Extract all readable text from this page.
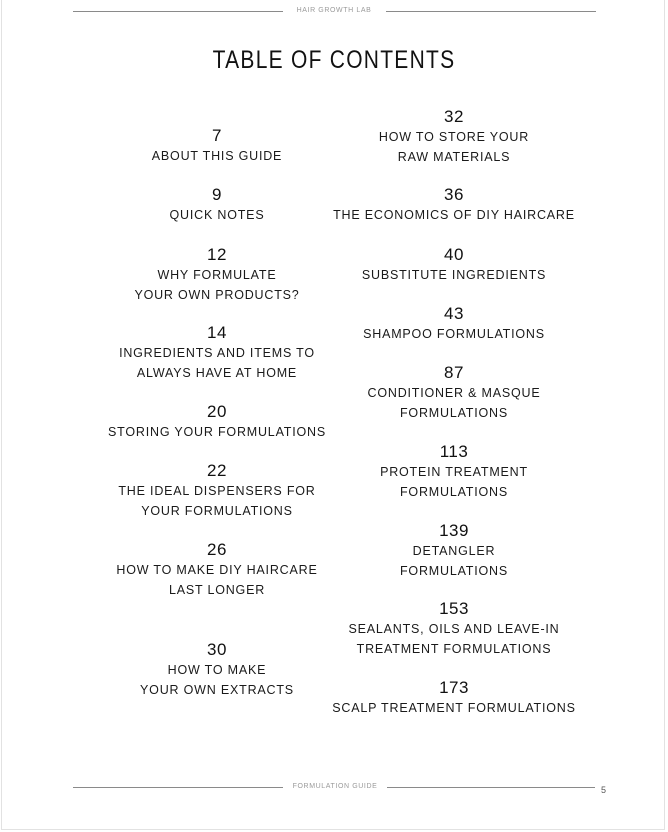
HAIR GROWTH LAB
TABLE OF CONTENTS
7
ABOUT THIS GUIDE
9
QUICK NOTES
12
WHY FORMULATE
YOUR OWN PRODUCTS?
14
INGREDIENTS AND ITEMS TO
ALWAYS HAVE AT HOME
20
STORING YOUR FORMULATIONS
22
THE IDEAL DISPENSERS FOR
YOUR FORMULATIONS
26
HOW TO MAKE DIY HAIRCARE
LAST LONGER
30
HOW TO MAKE
YOUR OWN EXTRACTS
32
HOW TO STORE YOUR
RAW MATERIALS
36
THE ECONOMICS OF DIY HAIRCARE
40
SUBSTITUTE INGREDIENTS
43
SHAMPOO FORMULATIONS
87
CONDITIONER & MASQUE
FORMULATIONS
113
PROTEIN TREATMENT
FORMULATIONS
139
DETANGLER
FORMULATIONS
153
SEALANTS, OILS AND LEAVE-IN
TREATMENT FORMULATIONS
173
SCALP TREATMENT FORMULATIONS
FORMULATION GUIDE	5
